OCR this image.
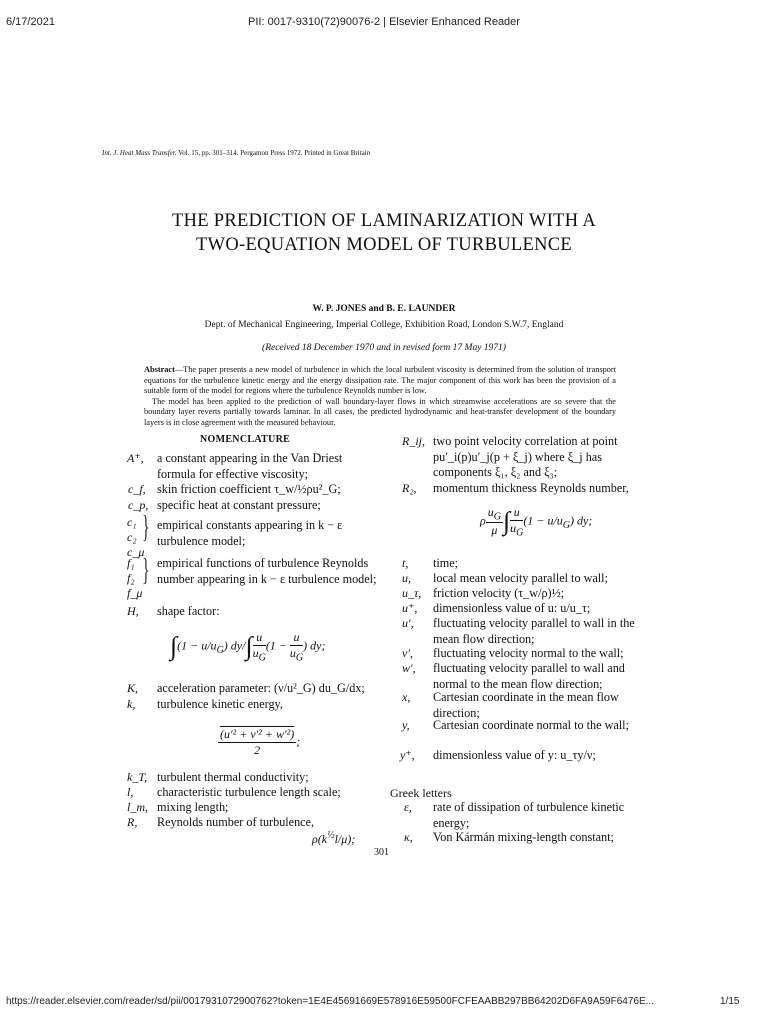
6/17/2021	PII: 0017-9310(72)90076-2 | Elsevier Enhanced Reader
https://reader.elsevier.com/reader/sd/pii/0017931072900762?token=1E4E45691669E578916E59500FCFEAABB297BB64202D6FA9A59F6476E...	1/15
Int. J. Heat Mass Transfer. Vol. 15, pp. 301–314. Pergamon Press 1972. Printed in Great Britain
THE PREDICTION OF LAMINARIZATION WITH A
TWO-EQUATION MODEL OF TURBULENCE
W. P. JONES and B. E. LAUNDER
Dept. of Mechanical Engineering, Imperial College, Exhibition Road, London S.W.7, England
(Received 18 December 1970 and in revised form 17 May 1971)

Abstract—The paper presents a new model of turbulence in which the local turbulent viscosity is determined from the solution of transport equations for the turbulence kinetic energy and the energy dissipation rate. The major component of this work has been the provision of a suitable form of the model for regions where the turbulence Reynolds number is low.

The model has been applied to the prediction of wall boundary-layer flows in which streamwise accelerations are so severe that the boundary layer reverts partially towards laminar. In all cases, the predicted hydrodynamic and heat-transfer development of the boundary layers is in close agreement with the measured behaviour.

NOMENCLATURE
A⁺, a constant appearing in the Van Driest formula for effective viscosity;
c_f, skin friction coefficient τ_w/½ρu²_G;
c_p, specific heat at constant pressure;
c₁ c₂ c_μ
} empirical constants appearing in k − ε turbulence model;
f₁ f₂ f_μ
} empirical functions of turbulence Reynolds number appearing in k − ε turbulence model;
H, shape factor:
$\int(1 - u/u_G)$ $dy/\int \frac{u}{u_G} (1 - \frac{u}{u_G}$ ) dy;
K, acceleration parameter: (ν/u²_G) du_G/dx;
k, turbulence kinetic energy,
$\frac{\text{(u′² + v′² + w′²)}}{2}$ ;
k_T, turbulent thermal conductivity;
l, characteristic turbulence length scale;
l_m, mixing length;
R, Reynolds number of turbulence,
$\rho(k^{\frac{1}{2}}l/\mu)$;
R_ij, two point velocity correlation at point pu′_i(p)u′_j(p + ξ_j) where ξ_j has components ξ₁, ξ₂ and ξ₃;
R₂, momentum thickness Reynolds number,
ρ $\frac{u_G}{\mu}$ ∫ $\frac{u}{u_G} (1 - u/u_G)$ dy;
t, time;
u, local mean velocity parallel to wall;
u_τ, friction velocity (τ_w/ρ)½;
u⁺, dimensionless value of u: u/u_τ;
u′, fluctuating velocity parallel to wall in the mean flow direction;
v′, fluctuating velocity normal to the wall;
w′, fluctuating velocity parallel to wall and normal to the mean flow direction;
x, Cartesian coordinate in the mean flow direction;
y, Cartesian coordinate normal to the wall;
y⁺, dimensionless value of y: u_τy/ν;
Greek letters
ε, rate of dissipation of turbulence kinetic energy;
κ, Von Kármán mixing-length constant;
301
